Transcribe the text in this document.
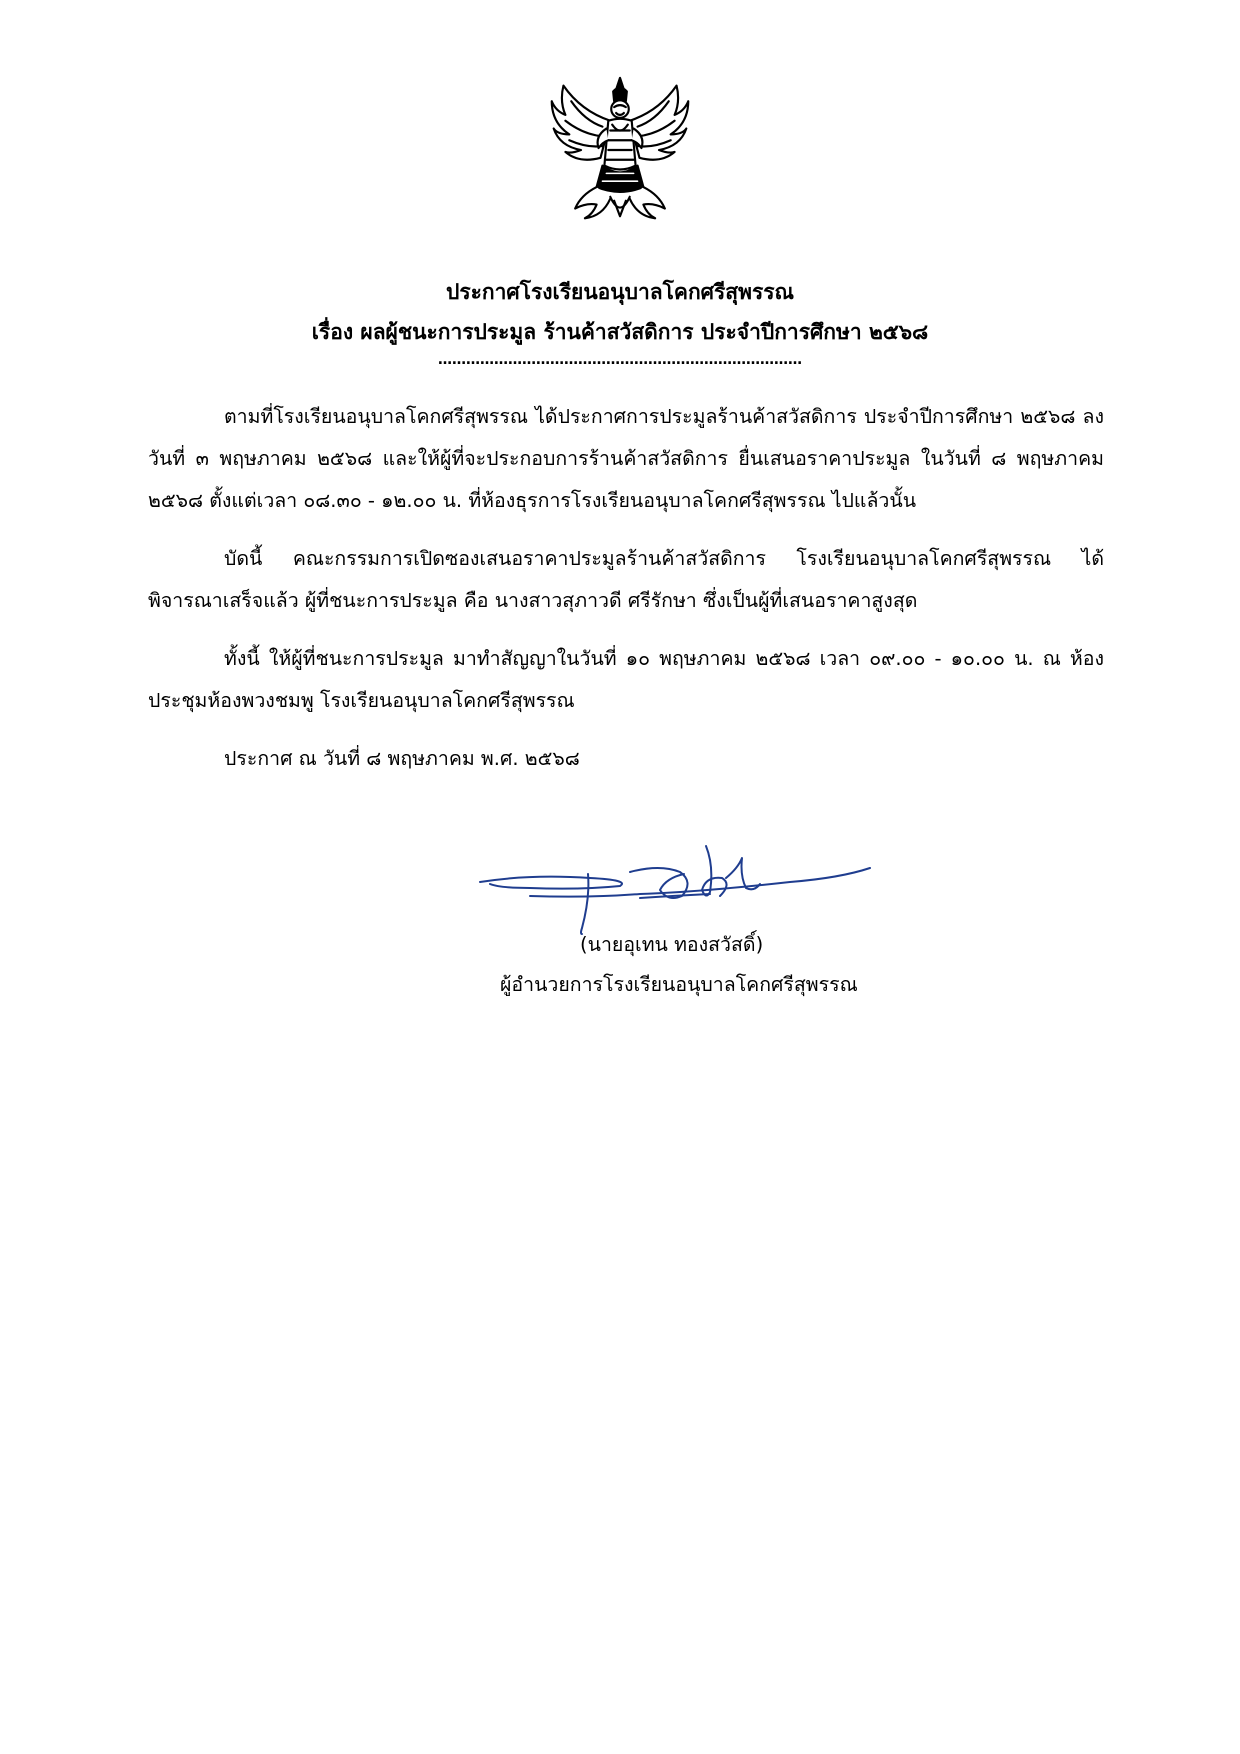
ประกาศโรงเรียนอนุบาลโคกศรีสุพรรณ
เรื่อง ผลผู้ชนะการประมูล ร้านค้าสวัสดิการ ประจำปีการศึกษา ๒๕๖๘
……………………………………………………………………

ตามที่โรงเรียนอนุบาลโคกศรีสุพรรณ ได้ประกาศการประมูลร้านค้าสวัสดิการ ประจำปีการศึกษา ๒๕๖๘ ลงวันที่ ๓ พฤษภาคม ๒๕๖๘ และให้ผู้ที่จะประกอบการร้านค้าสวัสดิการ ยื่นเสนอราคาประมูล ในวันที่ ๘ พฤษภาคม ๒๕๖๘ ตั้งแต่เวลา ๐๘.๓๐ - ๑๒.๐๐ น. ที่ห้องธุรการโรงเรียนอนุบาลโคกศรีสุพรรณ ไปแล้วนั้น

บัดนี้ คณะกรรมการเปิดซองเสนอราคาประมูลร้านค้าสวัสดิการ โรงเรียนอนุบาลโคกศรีสุพรรณ ได้พิจารณาเสร็จแล้ว ผู้ที่ชนะการประมูล คือ นางสาวสุภาวดี ศรีรักษา ซึ่งเป็นผู้ที่เสนอราคาสูงสุด

ทั้งนี้ ให้ผู้ที่ชนะการประมูล มาทำสัญญาในวันที่ ๑๐ พฤษภาคม ๒๕๖๘ เวลา ๐๙.๐๐ - ๑๐.๐๐ น. ณ ห้องประชุมห้องพวงชมพู โรงเรียนอนุบาลโคกศรีสุพรรณ

ประกาศ ณ วันที่ ๘ พฤษภาคม พ.ศ. ๒๕๖๘

(นายอุเทน ทองสวัสดิ์)
ผู้อำนวยการโรงเรียนอนุบาลโคกศรีสุพรรณ
